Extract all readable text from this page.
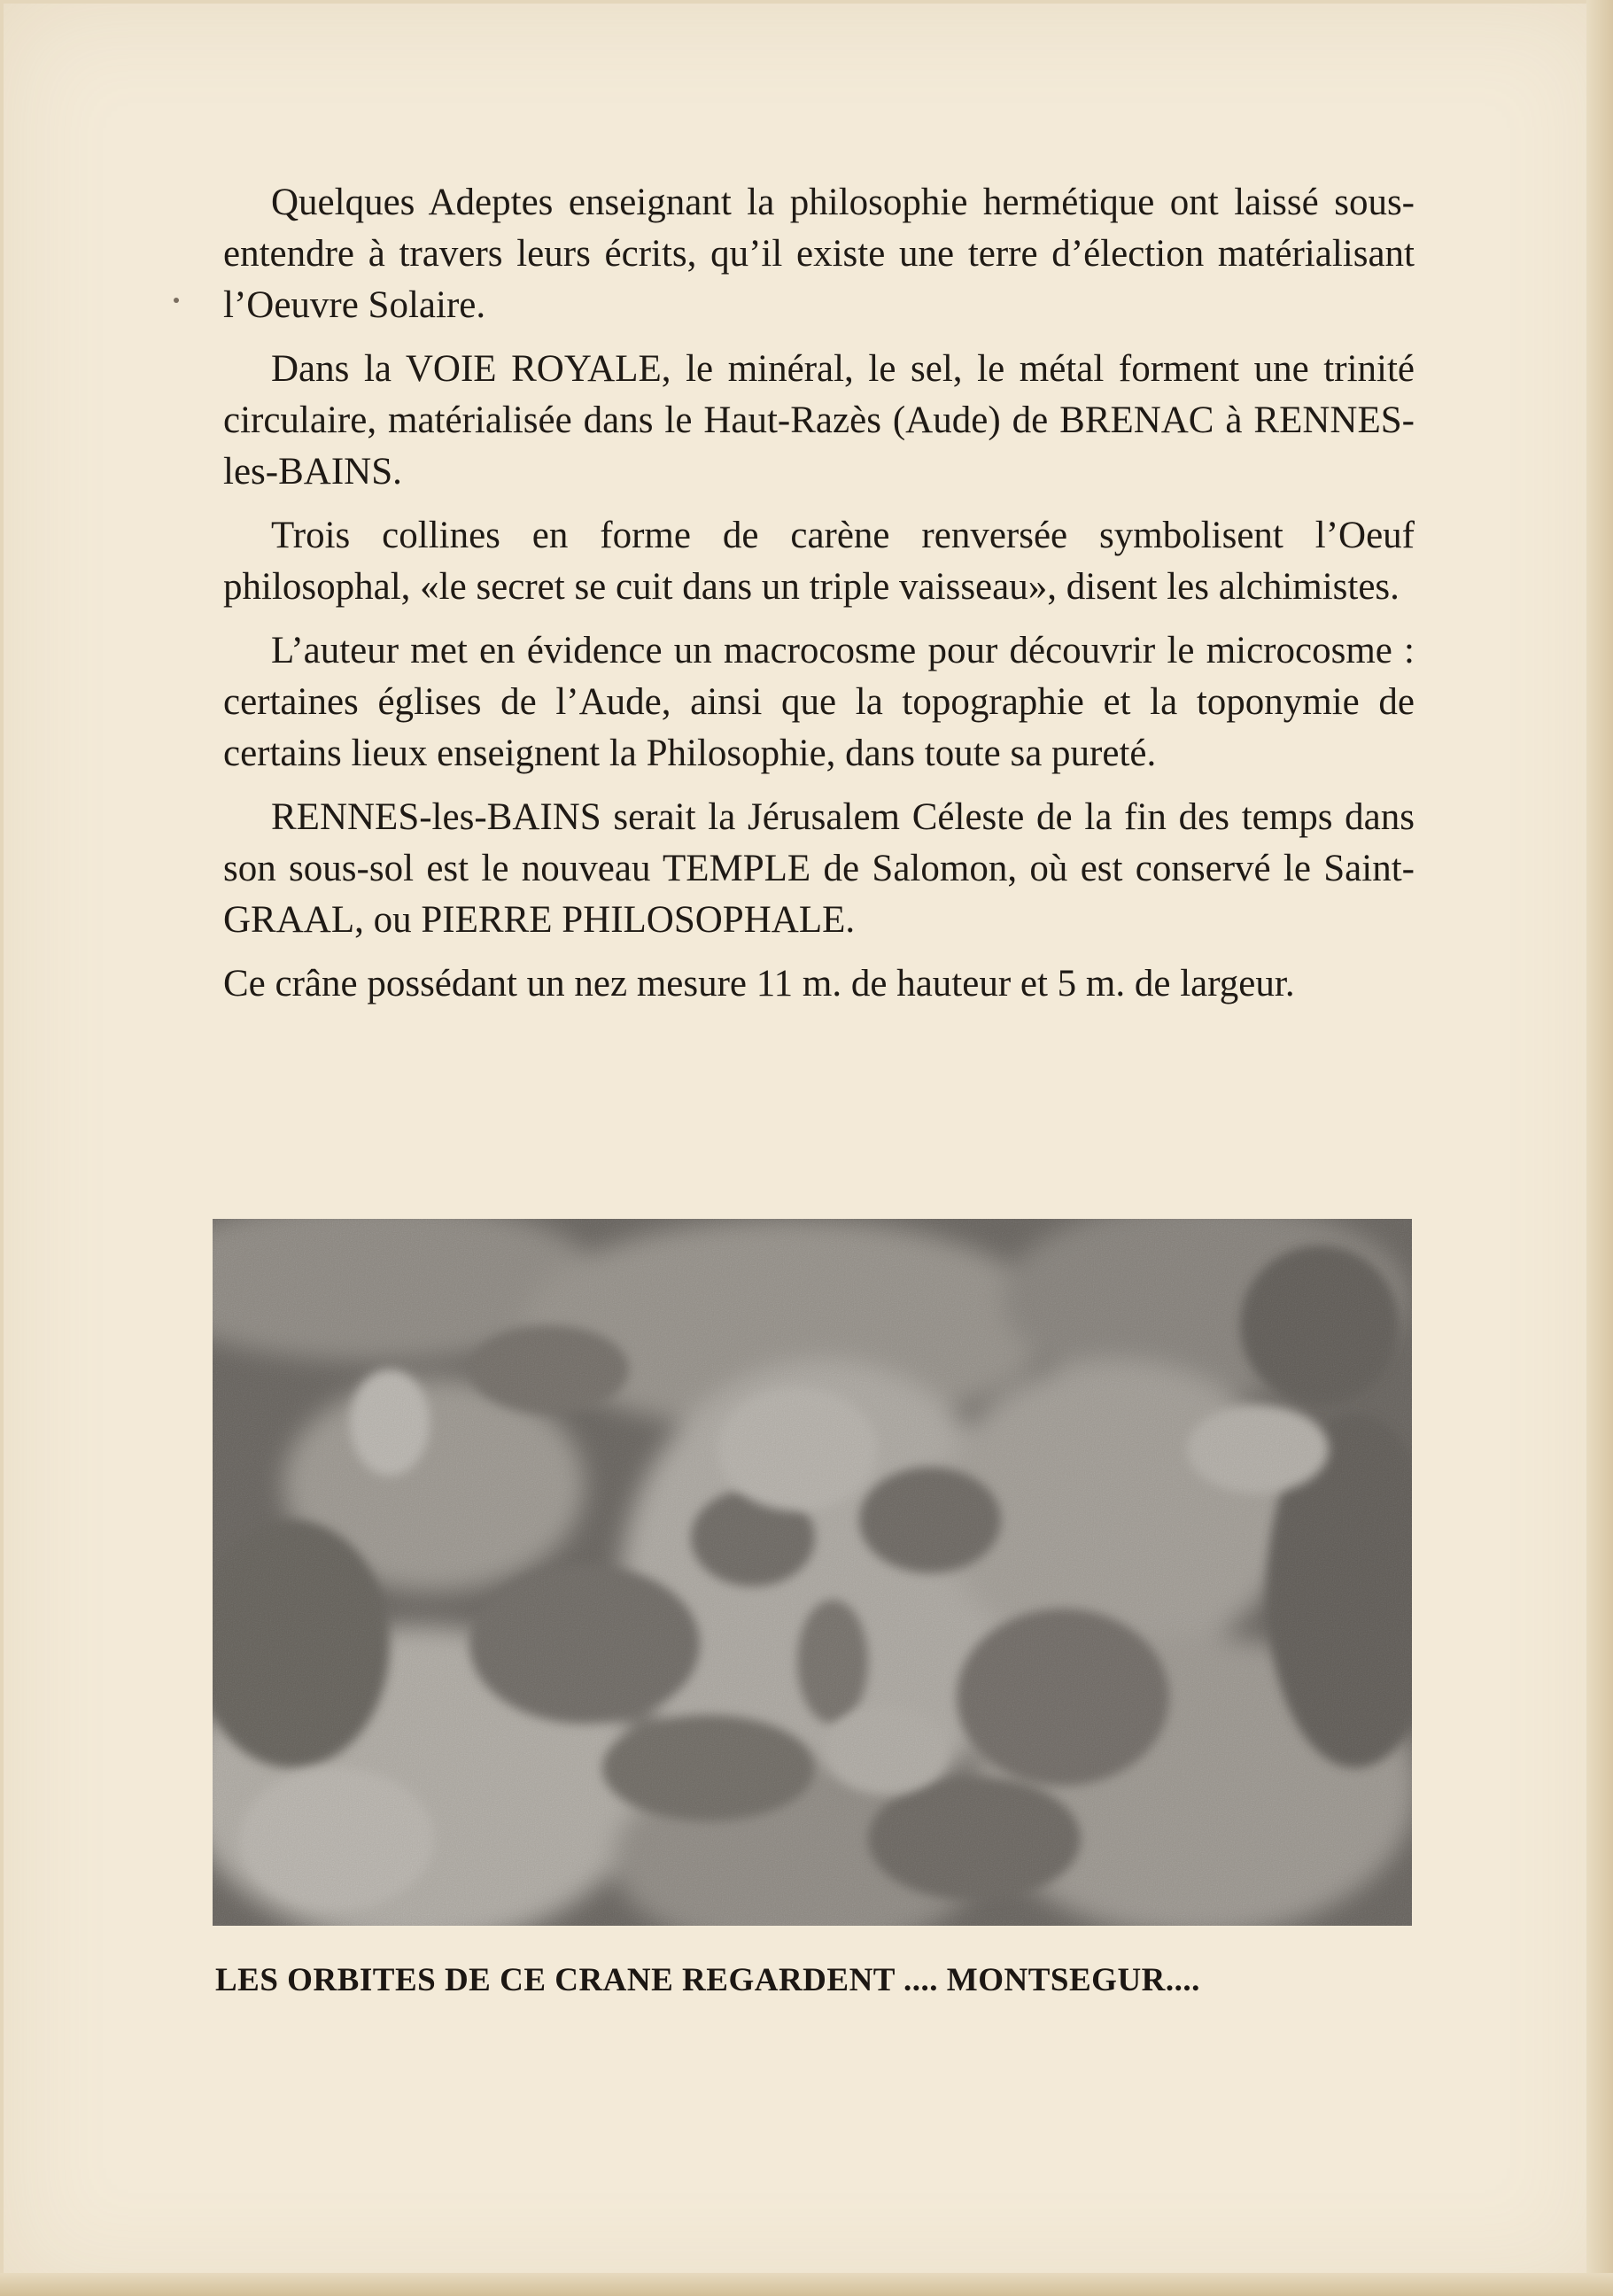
Quelques Adeptes enseignant la philosophie hermétique ont laissé sous-entendre à travers leurs écrits, qu’il existe une terre d’élection matérialisant l’Oeuvre Solaire.

Dans la VOIE ROYALE, le minéral, le sel, le métal forment une trinité circulaire, matérialisée dans le Haut-Razès (Aude) de BRENAC à RENNES-les-BAINS.

Trois collines en forme de carène renversée symbolisent l’Oeuf philosophal, «le secret se cuit dans un triple vaisseau», disent les alchimistes.

L’auteur met en évidence un macrocosme pour découvrir le microcosme : certaines églises de l’Aude, ainsi que la topographie et la toponymie de certains lieux enseignent la Philosophie, dans toute sa pureté.

RENNES-les-BAINS serait la Jérusalem Céleste de la fin des temps dans son sous-sol est le nouveau TEMPLE de Salomon, où est conservé le Saint-GRAAL, ou PIERRE PHILOSOPHALE.

Ce crâne possédant un nez mesure 11 m. de hauteur et 5 m. de largeur.

LES ORBITES DE CE CRANE REGARDENT .... MONTSEGUR....
